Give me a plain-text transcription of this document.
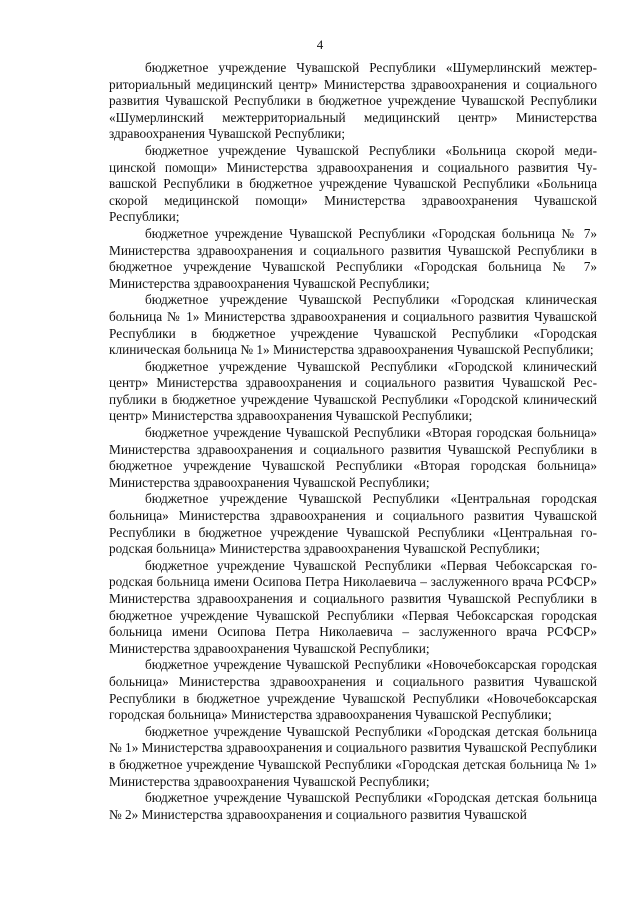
4

бюджетное учреждение Чувашской Республики «Шумерлинский межтерриториальный медицинский центр» Министерства здравоохранения и социального развития Чувашской Республики в бюджетное учреждение Чувашской Республики «Шумерлинский межтерриториальный медицинский центр» Министерства здравоохранения Чувашской Республики;

бюджетное учреждение Чувашской Республики «Больница скорой медицинской помощи» Министерства здравоохранения и социального развития Чувашской Республики в бюджетное учреждение Чувашской Республики «Больница скорой медицинской помощи» Министерства здравоохранения Чувашской Республики;

бюджетное учреждение Чувашской Республики «Городская больница № 7» Министерства здравоохранения и социального развития Чувашской Республики в бюджетное учреждение Чувашской Республики «Городская больница № 7» Министерства здравоохранения Чувашской Республики;

бюджетное учреждение Чувашской Республики «Городская клиническая больница № 1» Министерства здравоохранения и социального развития Чувашской Республики в бюджетное учреждение Чувашской Республики «Городская клиническая больница № 1» Министерства здравоохранения Чувашской Республики;

бюджетное учреждение Чувашской Республики «Городской клинический центр» Министерства здравоохранения и социального развития Чувашской Республики в бюджетное учреждение Чувашской Республики «Городской клинический центр» Министерства здравоохранения Чувашской Республики;

бюджетное учреждение Чувашской Республики «Вторая городская больница» Министерства здравоохранения и социального развития Чувашской Республики в бюджетное учреждение Чувашской Республики «Вторая городская больница» Министерства здравоохранения Чувашской Республики;

бюджетное учреждение Чувашской Республики «Центральная городская больница» Министерства здравоохранения и социального развития Чувашской Республики в бюджетное учреждение Чувашской Республики «Центральная городская больница» Министерства здравоохранения Чувашской Республики;

бюджетное учреждение Чувашской Республики «Первая Чебоксарская городская больница имени Осипова Петра Николаевича – заслуженного врача РСФСР» Министерства здравоохранения и социального развития Чувашской Республики в бюджетное учреждение Чувашской Республики «Первая Чебоксарская городская больница имени Осипова Петра Николаевича – заслуженного врача РСФСР» Министерства здравоохранения Чувашской Республики;

бюджетное учреждение Чувашской Республики «Новочебоксарская городская больница» Министерства здравоохранения и социального развития Чувашской Республики в бюджетное учреждение Чувашской Республики «Новочебоксарская городская больница» Министерства здравоохранения Чувашской Республики;

бюджетное учреждение Чувашской Республики «Городская детская больница № 1» Министерства здравоохранения и социального развития Чувашской Республики в бюджетное учреждение Чувашской Республики «Городская детская больница № 1» Министерства здравоохранения Чувашской Республики;

бюджетное учреждение Чувашской Республики «Городская детская больница № 2» Министерства здравоохранения и социального развития Чувашской
